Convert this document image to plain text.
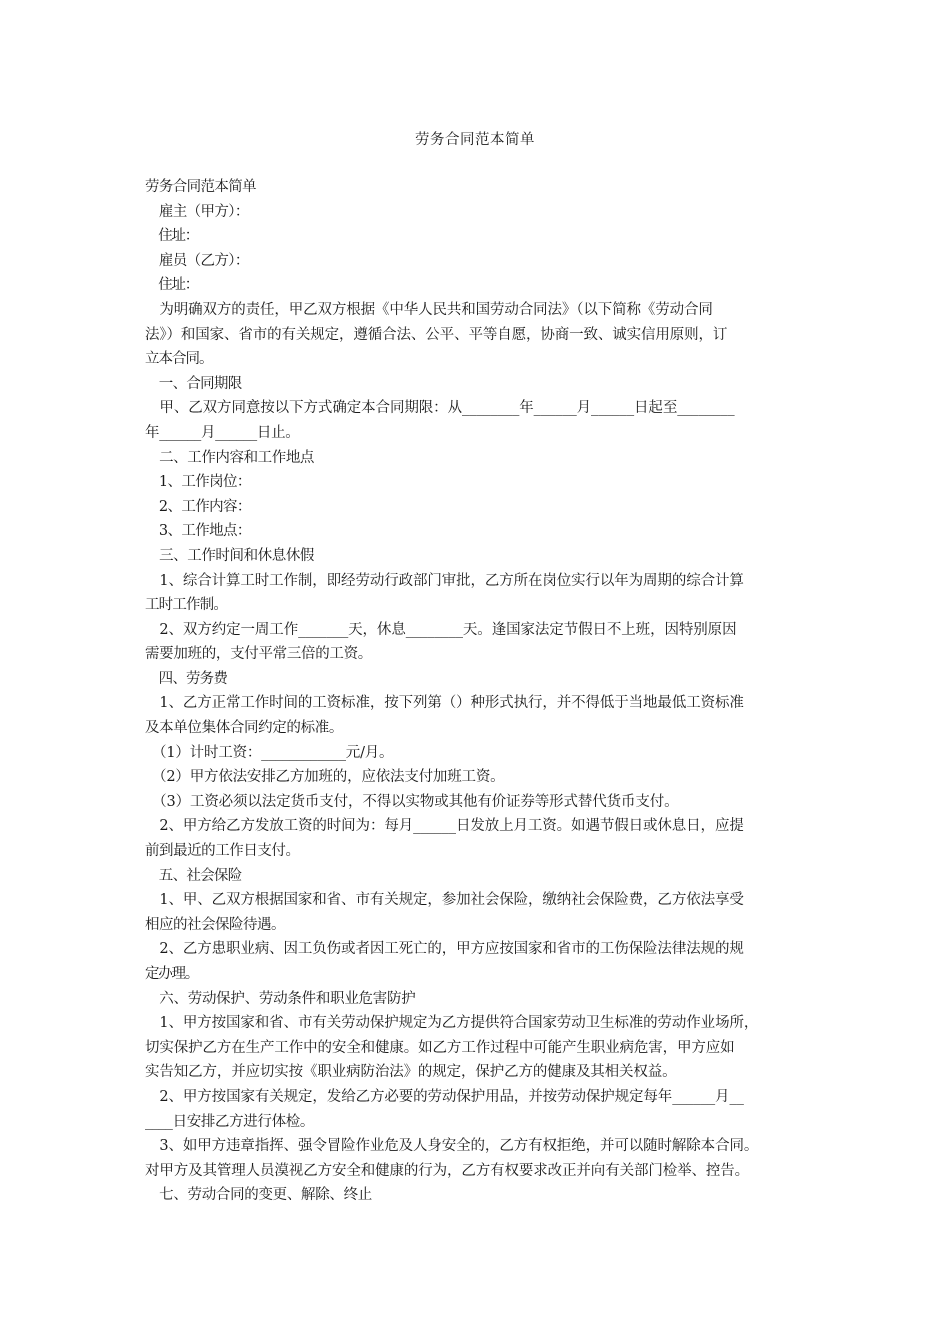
劳务合同范本简单
劳务合同范本简单
　雇主（甲方）：
　住址：
　雇员（乙方）：
　住址：
　为明确双方的责任，甲乙双方根据《中华人民共和国劳动合同法》（以下简称《劳动合同
法》）和国家、省市的有关规定，遵循合法、公平、平等自愿，协商一致、诚实信用原则，订
立本合同。
　一、合同期限
　甲、乙双方同意按以下方式确定本合同期限：从________年______月______日起至________
年______月______日止。
　二、工作内容和工作地点
　1、工作岗位：
　2、工作内容：
　3、工作地点：
　三、工作时间和休息休假
　1、综合计算工时工作制，即经劳动行政部门审批，乙方所在岗位实行以年为周期的综合计算
工时工作制。
　2、双方约定一周工作_______天，休息________天。逢国家法定节假日不上班，因特别原因
需要加班的，支付平常三倍的工资。
　四、劳务费
　1、乙方正常工作时间的工资标准，按下列第（）种形式执行，并不得低于当地最低工资标准
及本单位集体合同约定的标准。
　（1）计时工资：____________元/月。
　（2）甲方依法安排乙方加班的，应依法支付加班工资。
　（3）工资必须以法定货币支付，不得以实物或其他有价证券等形式替代货币支付。
　2、甲方给乙方发放工资的时间为：每月______日发放上月工资。如遇节假日或休息日，应提
前到最近的工作日支付。
　五、社会保险
　1、甲、乙双方根据国家和省、市有关规定，参加社会保险，缴纳社会保险费，乙方依法享受
相应的社会保险待遇。
　2、乙方患职业病、因工负伤或者因工死亡的，甲方应按国家和省市的工伤保险法律法规的规
定办理。
　六、劳动保护、劳动条件和职业危害防护
　1、甲方按国家和省、市有关劳动保护规定为乙方提供符合国家劳动卫生标准的劳动作业场所，
切实保护乙方在生产工作中的安全和健康。如乙方工作过程中可能产生职业病危害，甲方应如
实告知乙方，并应切实按《职业病防治法》的规定，保护乙方的健康及其相关权益。
　2、甲方按国家有关规定，发给乙方必要的劳动保护用品，并按劳动保护规定每年______月__
____日安排乙方进行体检。
　3、如甲方违章指挥、强令冒险作业危及人身安全的，乙方有权拒绝，并可以随时解除本合同。
对甲方及其管理人员漠视乙方安全和健康的行为，乙方有权要求改正并向有关部门检举、控告。
　七、劳动合同的变更、解除、终止
